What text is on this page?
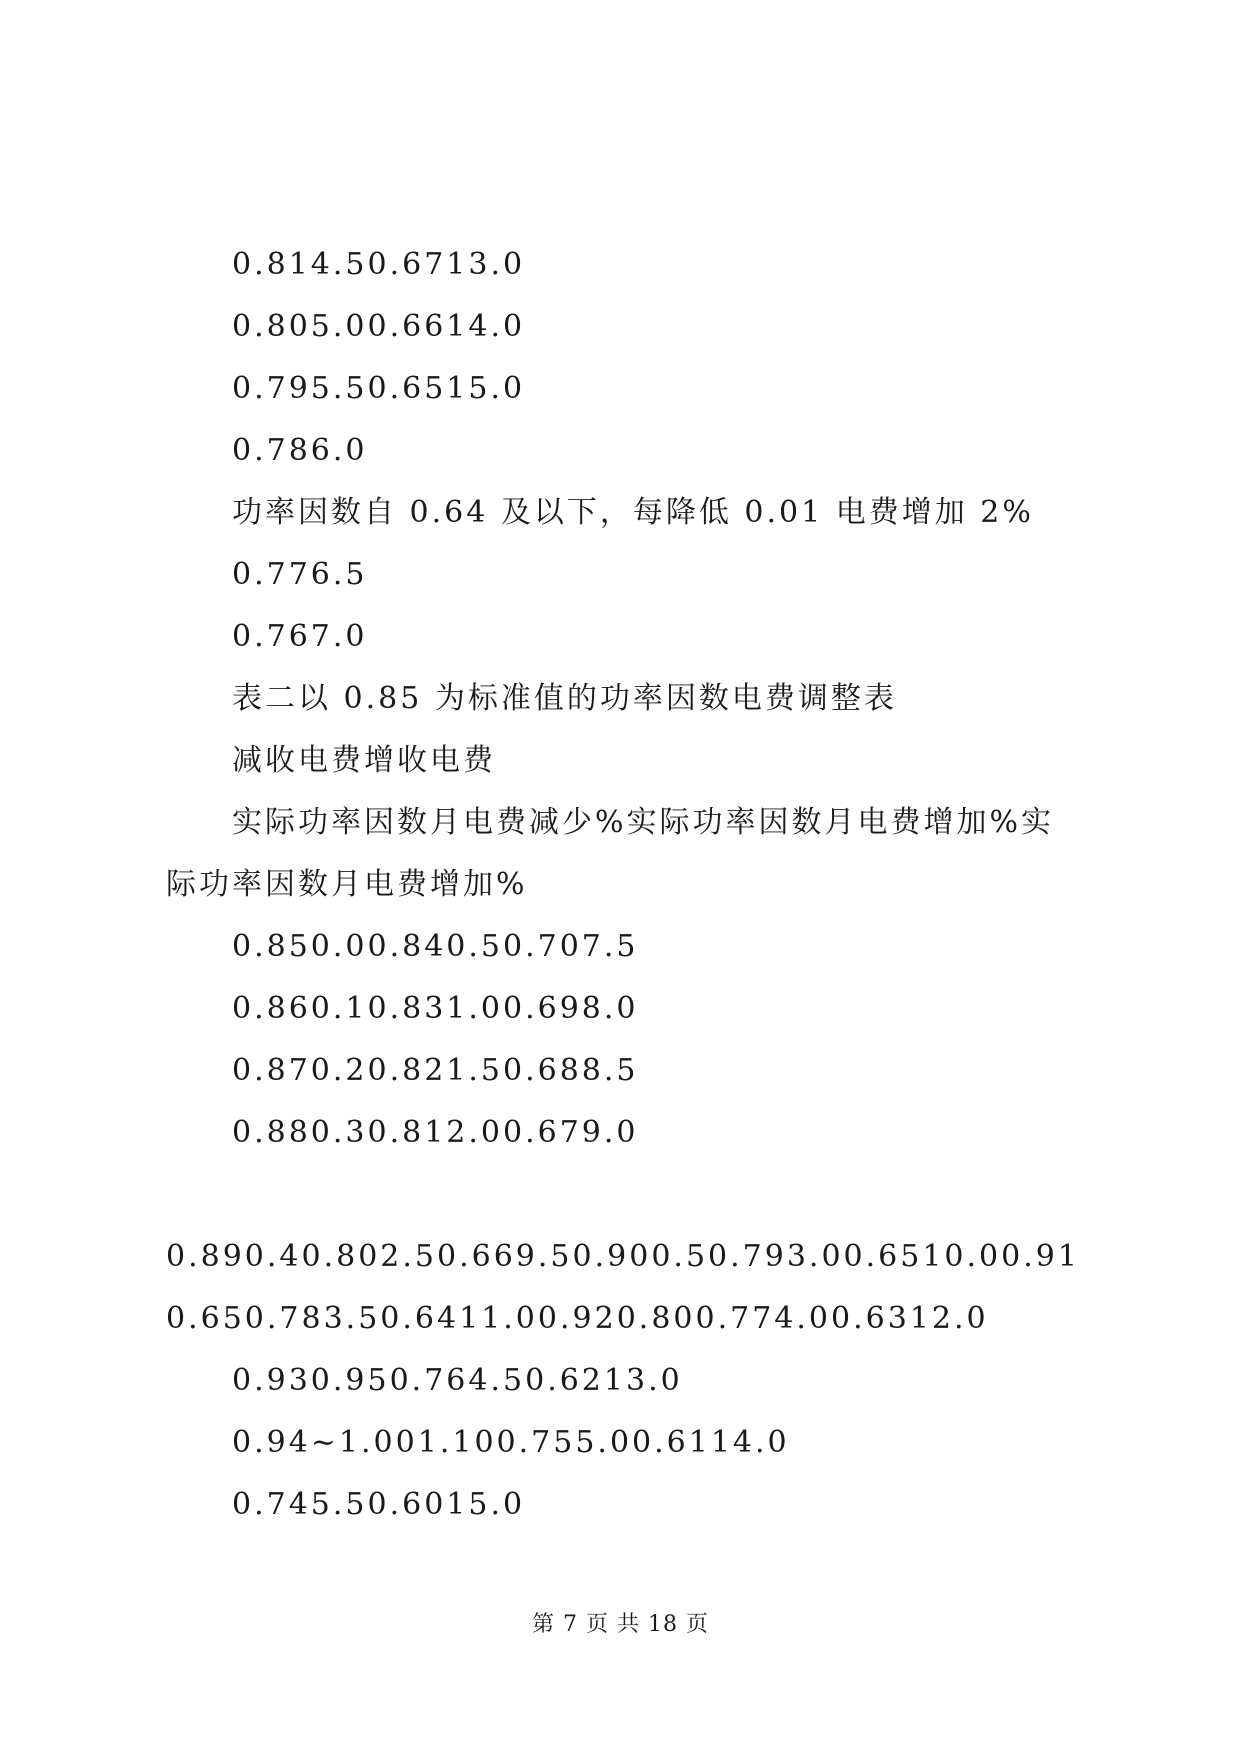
0.814.50.6713.0
0.805.00.6614.0
0.795.50.6515.0
0.786.0
功率因数自 0.64 及以下，每降低 0.01 电费增加 2%
0.776.5
0.767.0
表二以 0.85 为标准值的功率因数电费调整表
减收电费增收电费
实际功率因数月电费减少%实际功率因数月电费增加%实际功率因数月电费增加%
0.850.00.840.50.707.5
0.860.10.831.00.698.0
0.870.20.821.50.688.5
0.880.30.812.00.679.0
0.890.40.802.50.669.50.900.50.793.00.6510.00.910.650.783.50.6411.00.920.800.774.00.6312.0
0.930.950.764.50.6213.0
0.94~1.001.100.755.00.6114.0
0.745.50.6015.0
第 7 页 共 18 页
